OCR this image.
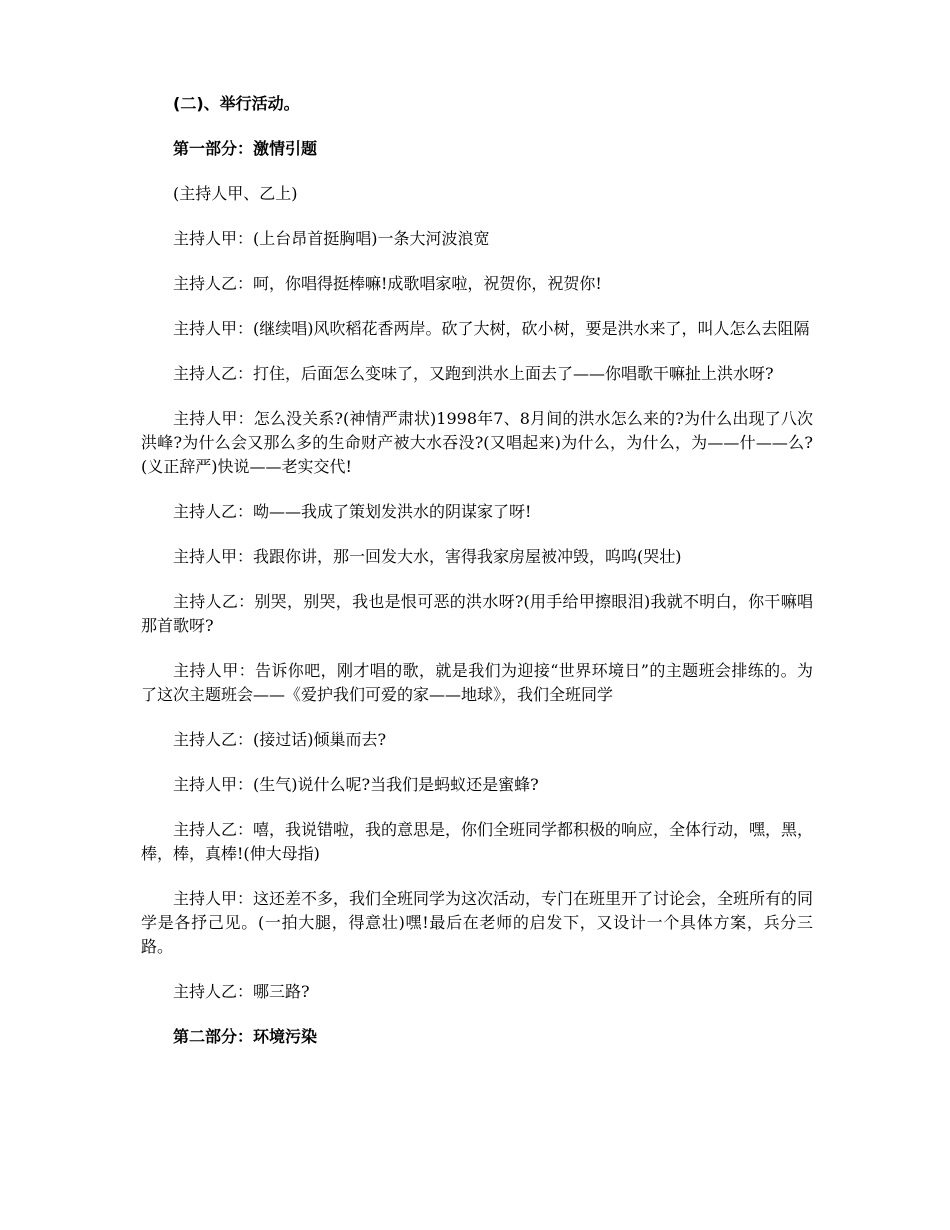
(二)、举行活动。

第一部分：激情引题

(主持人甲、乙上)

主持人甲：(上台昂首挺胸唱)一条大河波浪宽

主持人乙：呵，你唱得挺棒嘛!成歌唱家啦，祝贺你，祝贺你!

主持人甲：(继续唱)风吹稻花香两岸。砍了大树，砍小树，要是洪水来了，叫人怎么去阻隔

主持人乙：打住，后面怎么变味了，又跑到洪水上面去了——你唱歌干嘛扯上洪水呀?

主持人甲：怎么没关系?(神情严肃状)1998年7、8月间的洪水怎么来的?为什么出现了八次洪峰?为什么会又那么多的生命财产被大水吞没?(又唱起来)为什么，为什么，为——什——么?(义正辞严)快说——老实交代!

主持人乙：呦——我成了策划发洪水的阴谋家了呀!

主持人甲：我跟你讲，那一回发大水，害得我家房屋被冲毁，呜呜(哭壮)

主持人乙：别哭，别哭，我也是恨可恶的洪水呀?(用手给甲擦眼泪)我就不明白，你干嘛唱那首歌呀?

主持人甲：告诉你吧，刚才唱的歌，就是我们为迎接“世界环境日”的主题班会排练的。为了这次主题班会——《爱护我们可爱的家——地球》，我们全班同学

主持人乙：(接过话)倾巢而去?

主持人甲：(生气)说什么呢?当我们是蚂蚁还是蜜蜂?

主持人乙：嘻，我说错啦，我的意思是，你们全班同学都积极的响应，全体行动，嘿，黑，棒，棒，真棒!(伸大母指)

主持人甲：这还差不多，我们全班同学为这次活动，专门在班里开了讨论会，全班所有的同学是各抒己见。(一拍大腿，得意壮)嘿!最后在老师的启发下，又设计一个具体方案，兵分三路。

主持人乙：哪三路?

第二部分：环境污染
